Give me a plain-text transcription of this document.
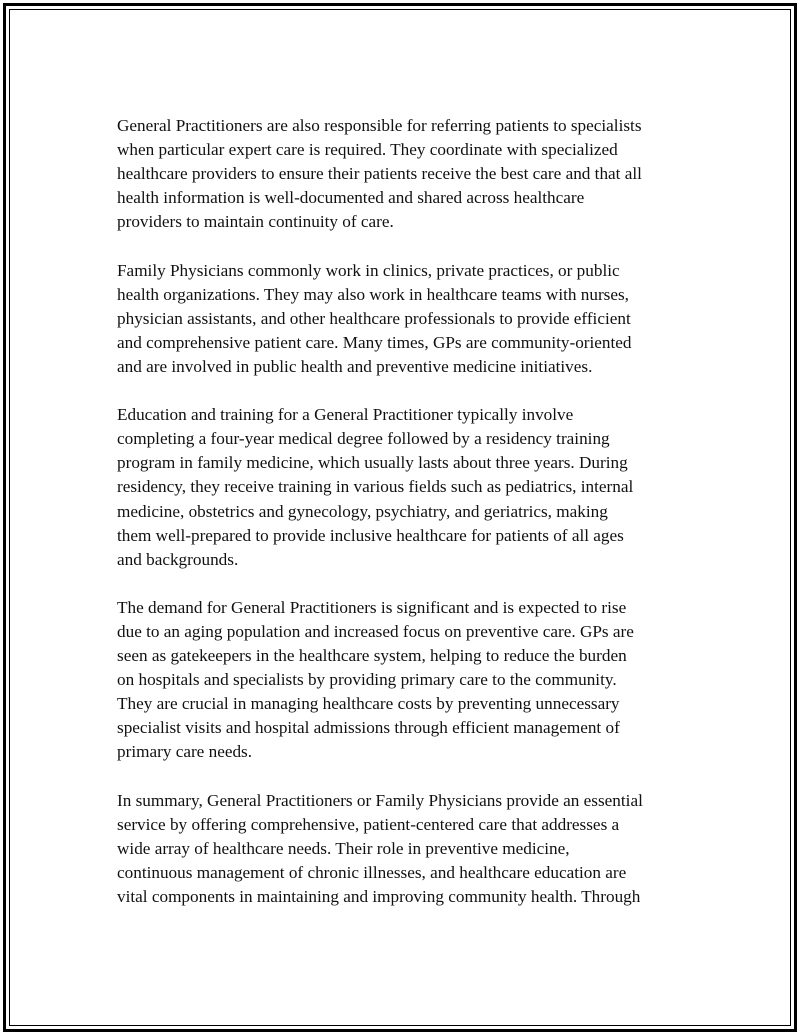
General Practitioners are also responsible for referring patients to specialists
when particular expert care is required. They coordinate with specialized
healthcare providers to ensure their patients receive the best care and that all
health information is well-documented and shared across healthcare
providers to maintain continuity of care.
Family Physicians commonly work in clinics, private practices, or public
health organizations. They may also work in healthcare teams with nurses,
physician assistants, and other healthcare professionals to provide efficient
and comprehensive patient care. Many times, GPs are community-oriented
and are involved in public health and preventive medicine initiatives.
Education and training for a General Practitioner typically involve
completing a four-year medical degree followed by a residency training
program in family medicine, which usually lasts about three years. During
residency, they receive training in various fields such as pediatrics, internal
medicine, obstetrics and gynecology, psychiatry, and geriatrics, making
them well-prepared to provide inclusive healthcare for patients of all ages
and backgrounds.
The demand for General Practitioners is significant and is expected to rise
due to an aging population and increased focus on preventive care. GPs are
seen as gatekeepers in the healthcare system, helping to reduce the burden
on hospitals and specialists by providing primary care to the community.
They are crucial in managing healthcare costs by preventing unnecessary
specialist visits and hospital admissions through efficient management of
primary care needs.
In summary, General Practitioners or Family Physicians provide an essential
service by offering comprehensive, patient-centered care that addresses a
wide array of healthcare needs. Their role in preventive medicine,
continuous management of chronic illnesses, and healthcare education are
vital components in maintaining and improving community health. Through
